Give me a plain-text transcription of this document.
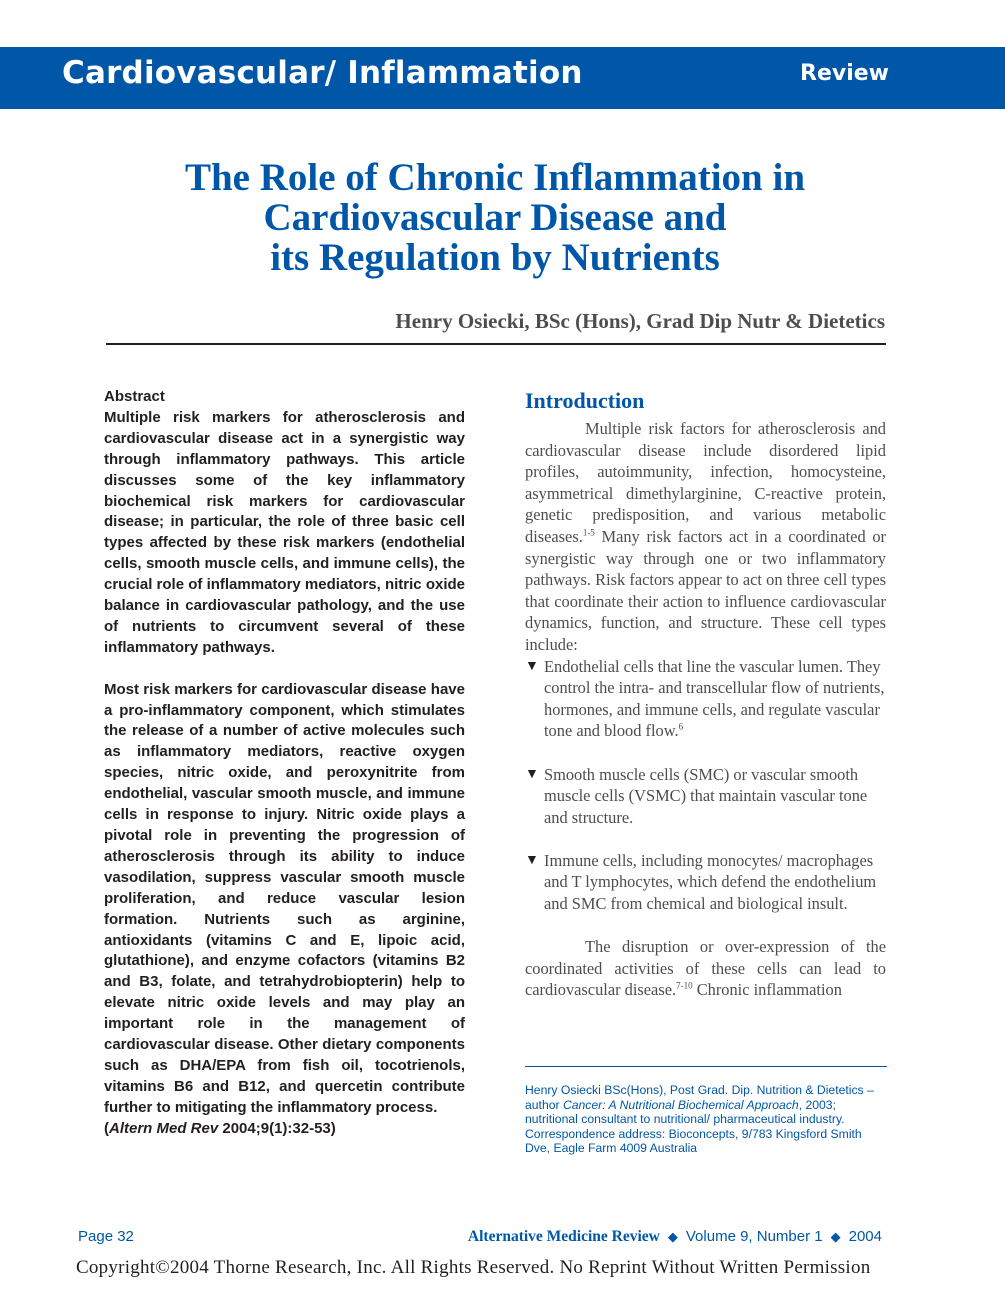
Cardiovascular/ Inflammation	Review
The Role of Chronic Inflammation in
Cardiovascular Disease and
its Regulation by Nutrients
Henry Osiecki, BSc (Hons), Grad Dip Nutr & Dietetics
Abstract

Multiple risk markers for atherosclerosis and cardiovascular disease act in a synergistic way through inflammatory pathways. This article discusses some of the key inflammatory biochemical risk markers for cardiovascular disease; in particular, the role of three basic cell types affected by these risk markers (endothelial cells, smooth muscle cells, and immune cells), the crucial role of inflammatory mediators, nitric oxide balance in cardiovascular pathology, and the use of nutrients to circumvent several of these inflammatory pathways.

Most risk markers for cardiovascular disease have a pro-inflammatory component, which stimulates the release of a number of active molecules such as inflammatory mediators, reactive oxygen species, nitric oxide, and peroxynitrite from endothelial, vascular smooth muscle, and immune cells in response to injury. Nitric oxide plays a pivotal role in preventing the progression of atherosclerosis through its ability to induce vasodilation, suppress vascular smooth muscle proliferation, and reduce vascular lesion formation. Nutrients such as arginine, antioxidants (vitamins C and E, lipoic acid, glutathione), and enzyme cofactors (vitamins B2 and B3, folate, and tetrahydrobiopterin) help to elevate nitric oxide levels and may play an important role in the management of cardiovascular disease. Other dietary components such as DHA/EPA from fish oil, tocotrienols, vitamins B6 and B12, and quercetin contribute further to mitigating the inflammatory process.

(Altern Med Rev 2004;9(1):32-53)
Introduction

Multiple risk factors for atherosclerosis and cardiovascular disease include disordered lipid profiles, autoimmunity, infection, homocysteine, asymmetrical dimethylarginine, C-reactive protein, genetic predisposition, and various metabolic diseases.$^{1-5}$ Many risk factors act in a coordinated or synergistic way through one or two inflammatory pathways. Risk factors appear to act on three cell types that coordinate their action to influence cardiovascular dynamics, function, and structure. These cell types include:

▼ Endothelial cells that line the vascular lumen. They control the intra- and transcellular flow of nutrients, hormones, and immune cells, and regulate vascular tone and blood flow.$^6$
▼ Smooth muscle cells (SMC) or vascular smooth muscle cells (VSMC) that maintain vascular tone and structure.
▼ Immune cells, including monocytes/ macrophages and T lymphocytes, which defend the endothelium and SMC from chemical and biological insult.

The disruption or over-expression of the coordinated activities of these cells can lead to cardiovascular disease.$^{7-10}$ Chronic inflammation

Henry Osiecki BSc(Hons), Post Grad. Dip. Nutrition & Dietetics – author Cancer: A Nutritional Biochemical Approach, 2003; nutritional consultant to nutritional/ pharmaceutical industry.

Correspondence address: Bioconcepts, 9/783 Kingsford Smith Dve, Eagle Farm 4009 Australia

Page 32	Alternative Medicine Review ◆ Volume 9, Number 1 ◆ 2004
Copyright©2004 Thorne Research, Inc. All Rights Reserved. No Reprint Without Written Permission
